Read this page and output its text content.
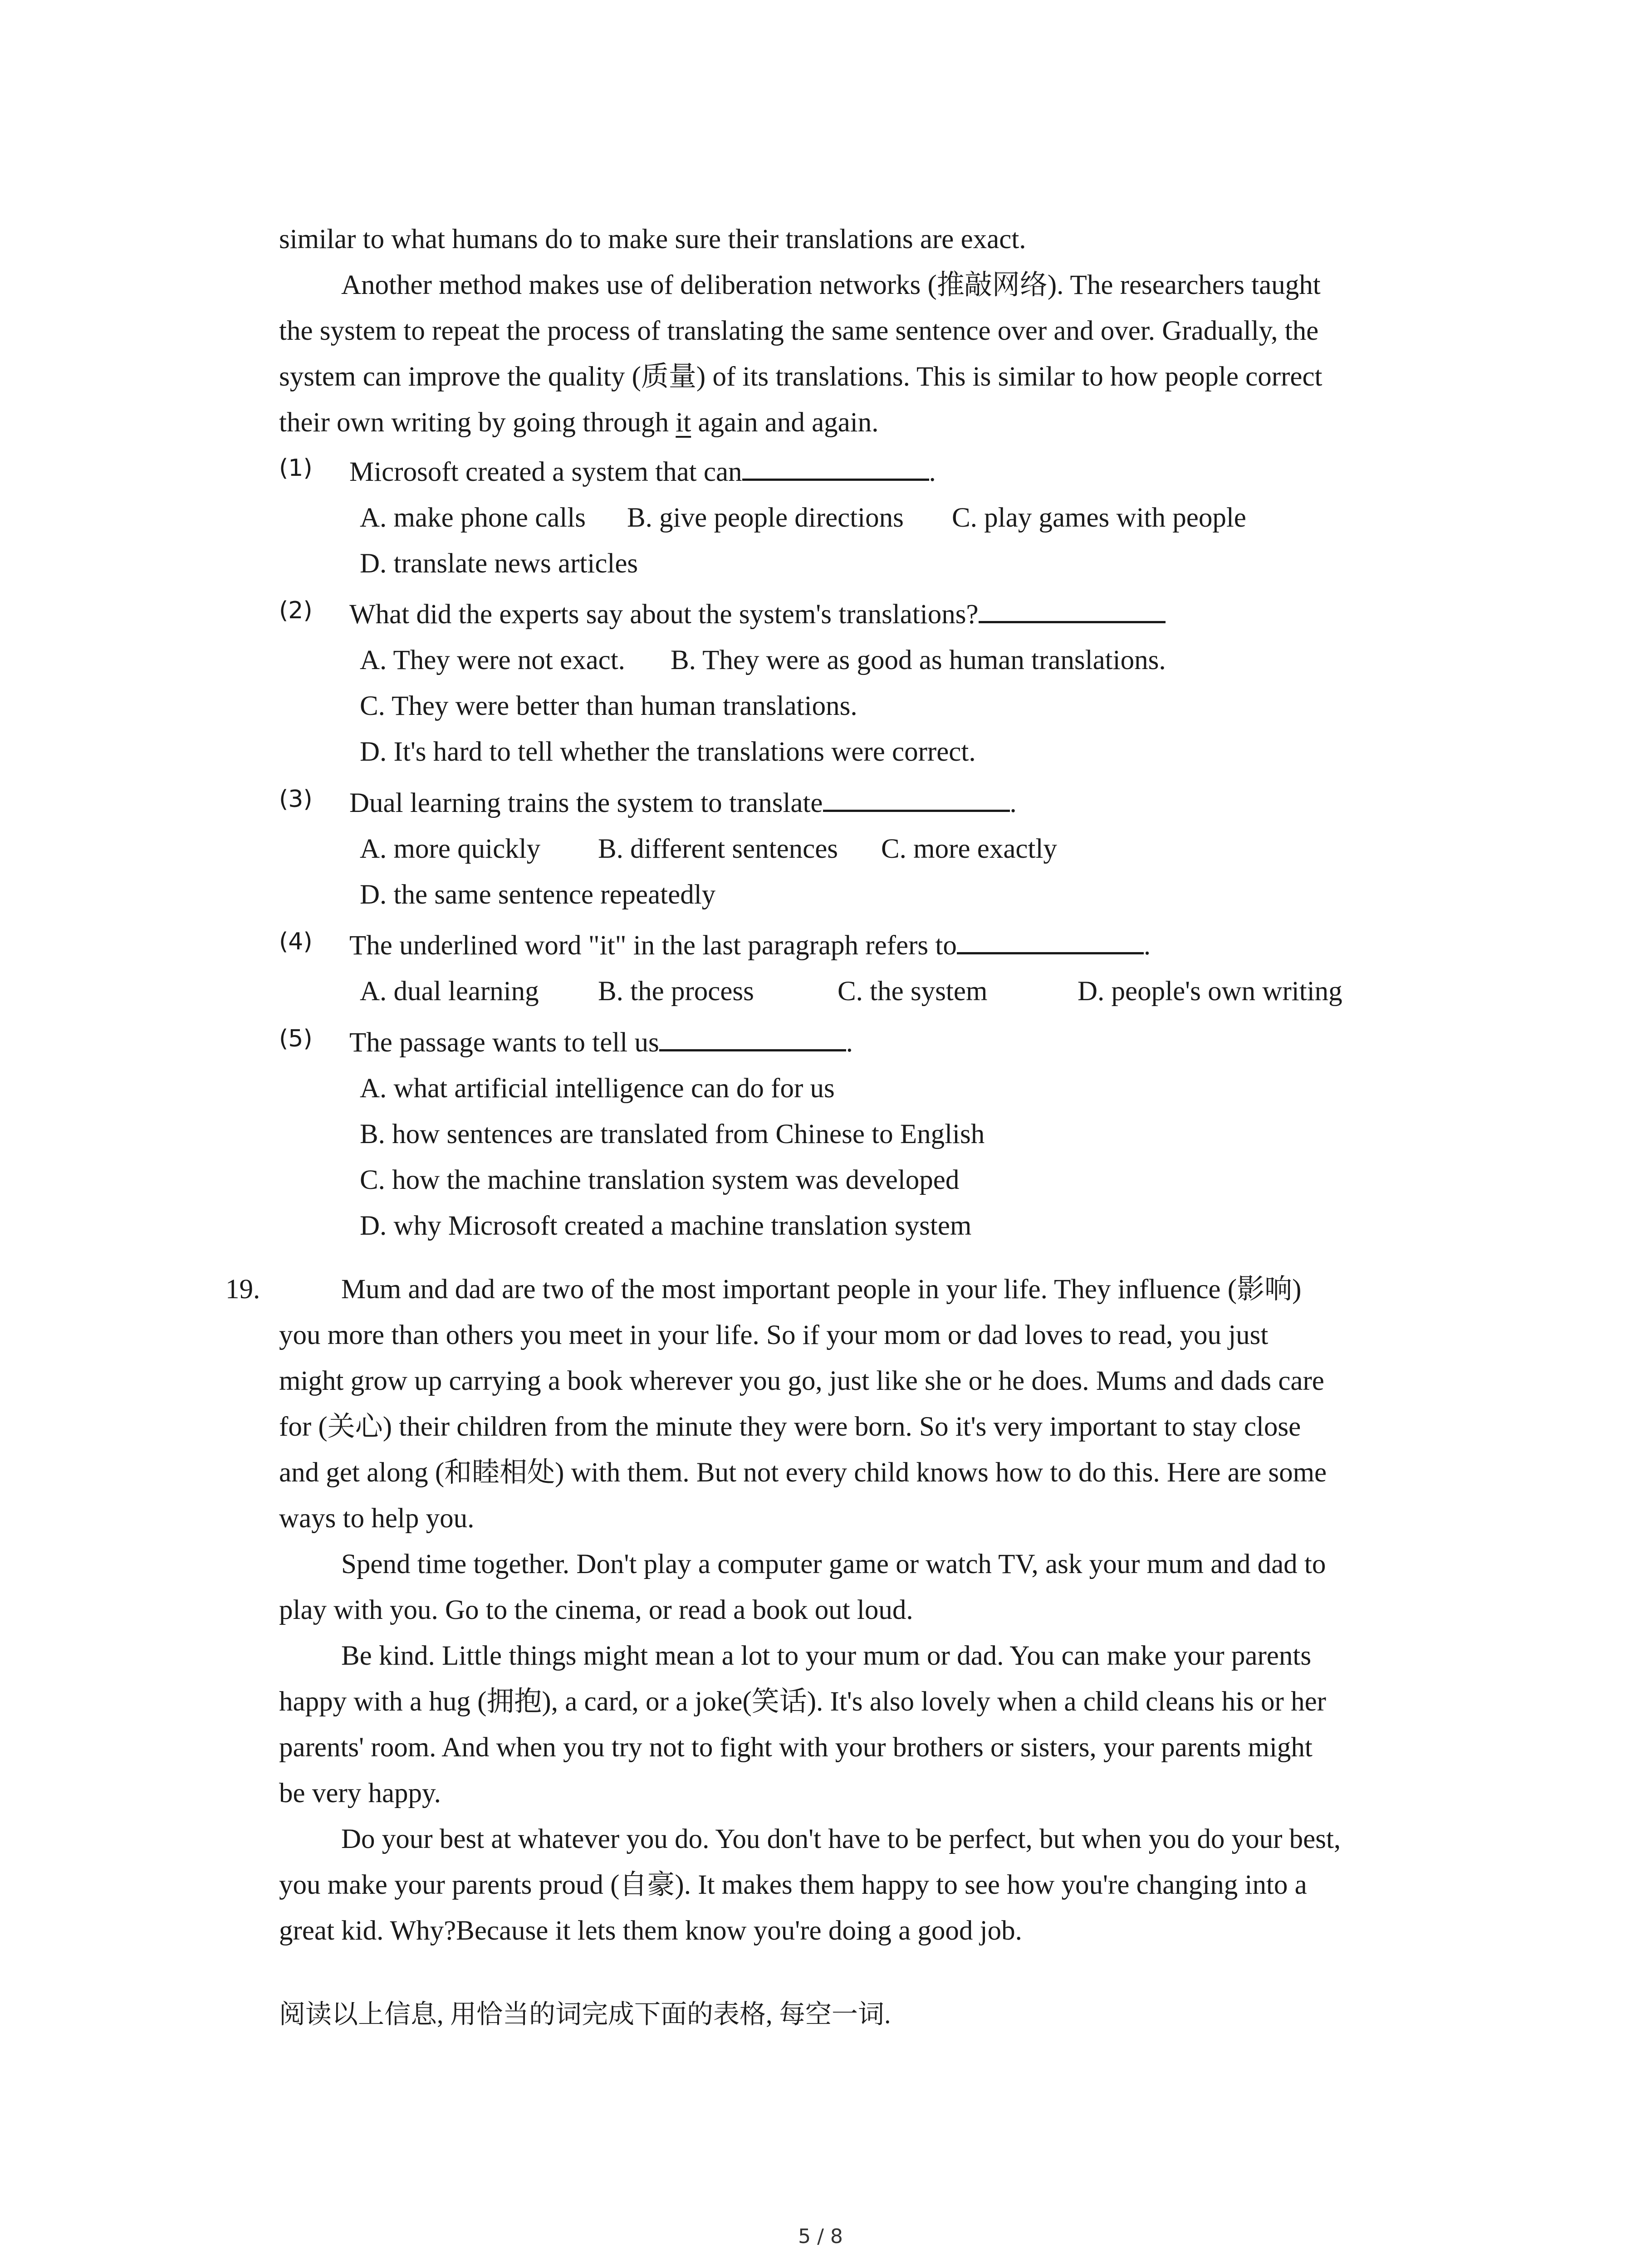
similar to what humans do to make sure their translations are exact.
Another method makes use of deliberation networks (推敲网络). The researchers taught
the system to repeat the process of translating the same sentence over and over. Gradually, the
system can improve the quality (质量) of its translations. This is similar to how people correct
their own writing by going through it again and again.
(1) Microsoft created a system that can	.
A. make phone calls B. give people directions C. play games with people
D. translate news articles
(2) What did the experts say about the system's translations?
A. They were not exact. B. They were as good as human translations.
C. They were better than human translations.
D. It's hard to tell whether the translations were correct.
(3) Dual learning trains the system to translate	.
A. more quickly B. different sentences C. more exactly
D. the same sentence repeatedly
(4) The underlined word "it" in the last paragraph refers to	.
A. dual learning B. the process	C. the system	D. people's own writing
(5) The passage wants to tell us	.
A. what artificial intelligence can do for us
B. how sentences are translated from Chinese to English
C. how the machine translation system was developed
D. why Microsoft created a machine translation system
19.	Mum and dad are two of the most important people in your life. They influence (影响)
you more than others you meet in your life. So if your mom or dad loves to read, you just
might grow up carrying a book wherever you go, just like she or he does. Mums and dads care
for (关心) their children from the minute they were born. So it's very important to stay close
and get along (和睦相处) with them. But not every child knows how to do this. Here are some
ways to help you.
Spend time together. Don't play a computer game or watch TV, ask your mum and dad to
play with you. Go to the cinema, or read a book out loud.
Be kind. Little things might mean a lot to your mum or dad. You can make your parents
happy with a hug (拥抱), a card, or a joke(笑话). It's also lovely when a child cleans his or her
parents' room. And when you try not to fight with your brothers or sisters, your parents might
be very happy.
Do your best at whatever you do. You don't have to be perfect, but when you do your best,
you make your parents proud (自豪). It makes them happy to see how you're changing into a
great kid. Why?Because it lets them know you're doing a good job.
阅读以上信息, 用恰当的词完成下面的表格, 每空一词.
5 / 8
